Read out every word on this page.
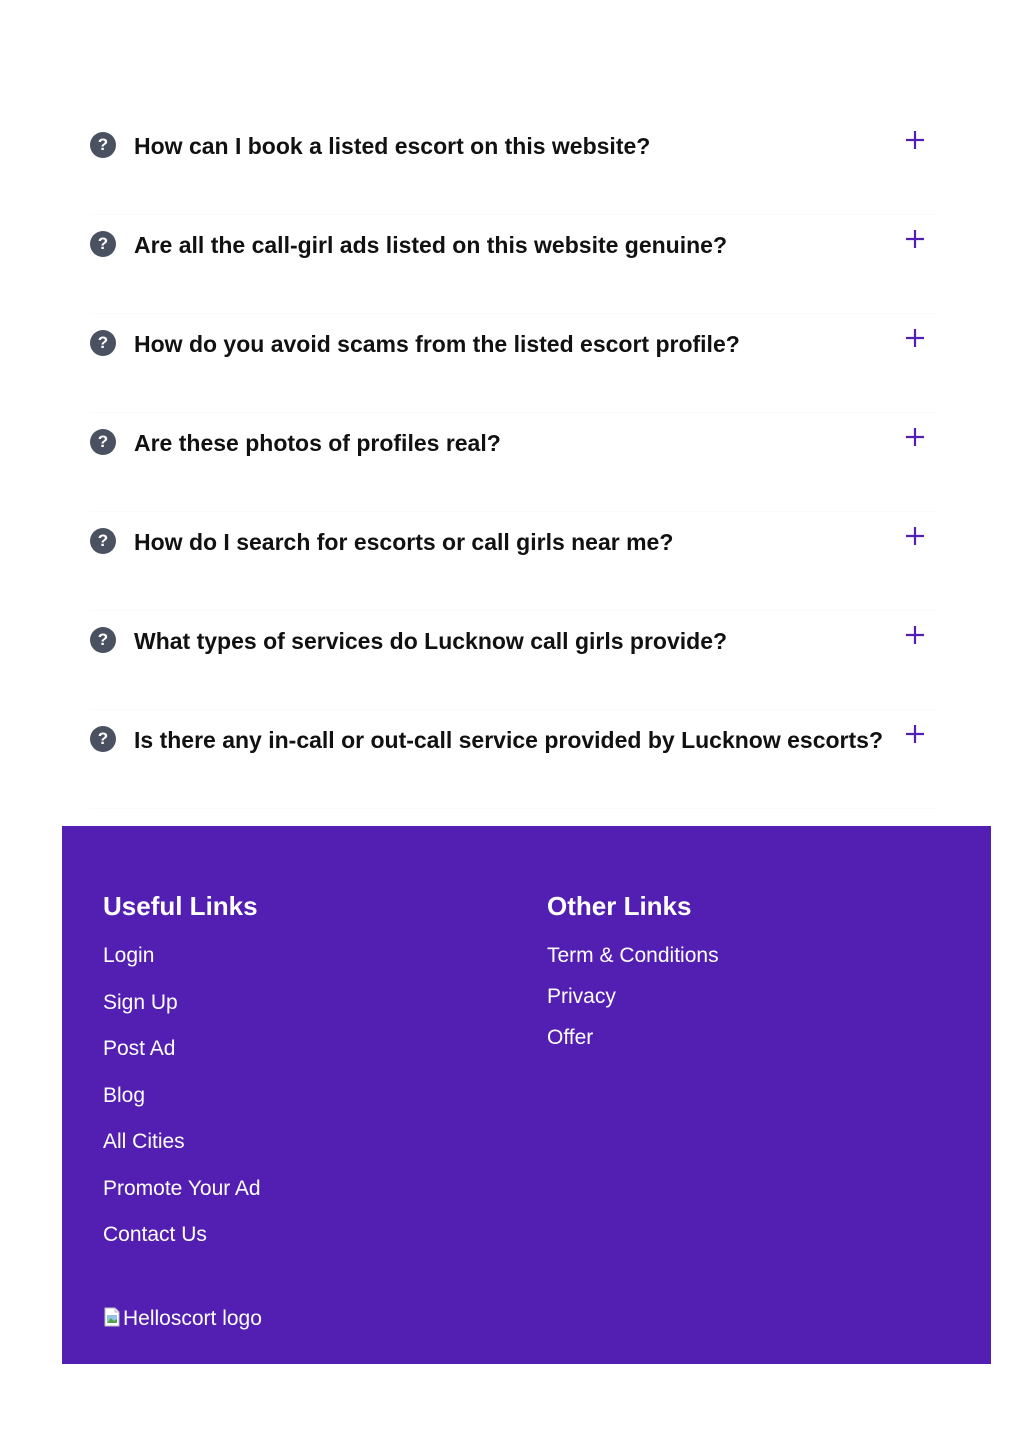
?	How can I book a listed escort on this website?
?	Are all the call-girl ads listed on this website genuine?
?	How do you avoid scams from the listed escort profile?
?	Are these photos of profiles real?
?	How do I search for escorts or call girls near me?
?	What types of services do Lucknow call girls provide?
?	Is there any in-call or out-call service provided by Lucknow escorts?
Useful Links
Login
Sign Up
Post Ad
Blog
All Cities
Promote Your Ad
Contact Us
Other Links
Term & Conditions
Privacy
Offer
Helloscort logo
